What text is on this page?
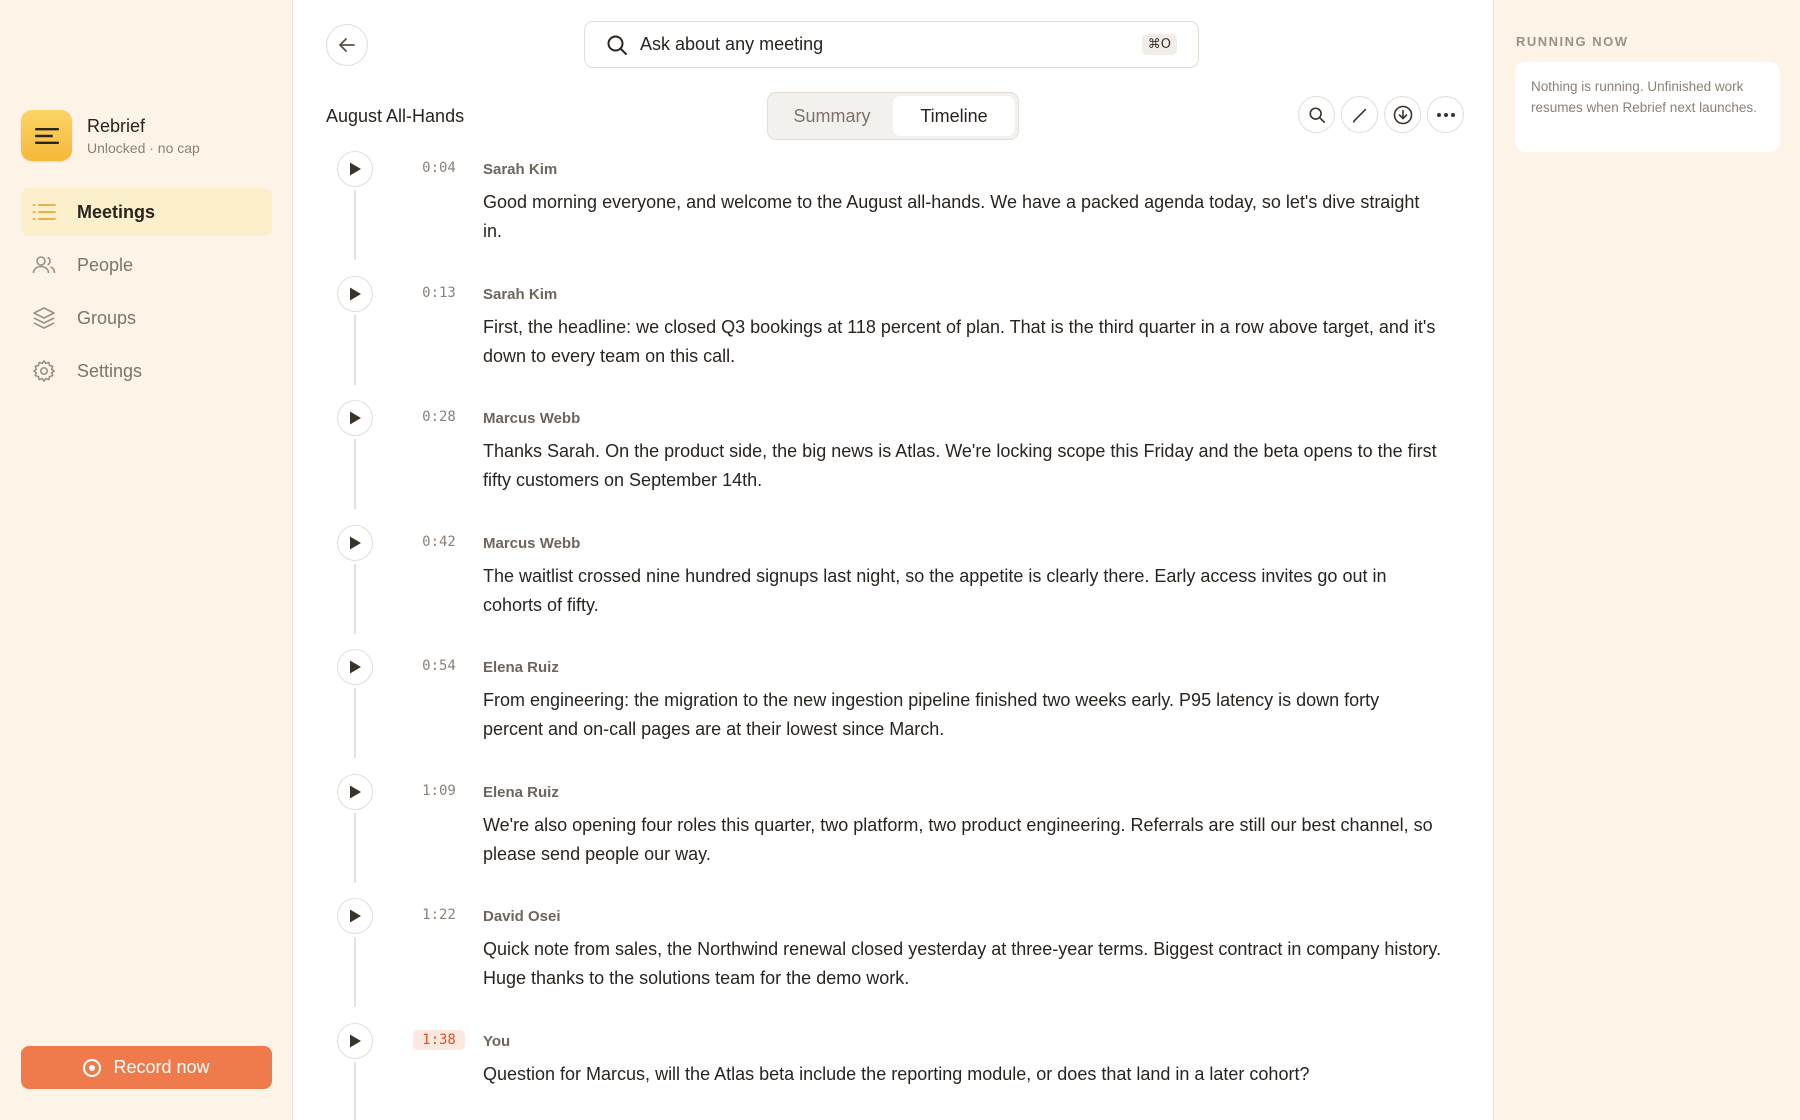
Rebrief
Unlocked · no cap
Meetings
People
Groups
Settings
Record now
Ask about any meeting
⌘O
August All-Hands	Summary	Timeline
0:04	Sarah Kim
Good morning everyone, and welcome to the August all-hands. We have a packed agenda today, so let's dive straight in.
0:13	Sarah Kim
First, the headline: we closed Q3 bookings at 118 percent of plan. That is the third quarter in a row above target, and it's down to every team on this call.
0:28	Marcus Webb
Thanks Sarah. On the product side, the big news is Atlas. We're locking scope this Friday and the beta opens to the first fifty customers on September 14th.
0:42	Marcus Webb
The waitlist crossed nine hundred signups last night, so the appetite is clearly there. Early access invites go out in cohorts of fifty.
0:54	Elena Ruiz
From engineering: the migration to the new ingestion pipeline finished two weeks early. P95 latency is down forty percent and on-call pages are at their lowest since March.
1:09	Elena Ruiz
We're also opening four roles this quarter, two platform, two product engineering. Referrals are still our best channel, so please send people our way.
1:22	David Osei
Quick note from sales, the Northwind renewal closed yesterday at three-year terms. Biggest contract in company history. Huge thanks to the solutions team for the demo work.
1:38	You
Question for Marcus, will the Atlas beta include the reporting module, or does that land in a later cohort?
RUNNING NOW
Nothing is running. Unfinished work resumes when Rebrief next launches.
